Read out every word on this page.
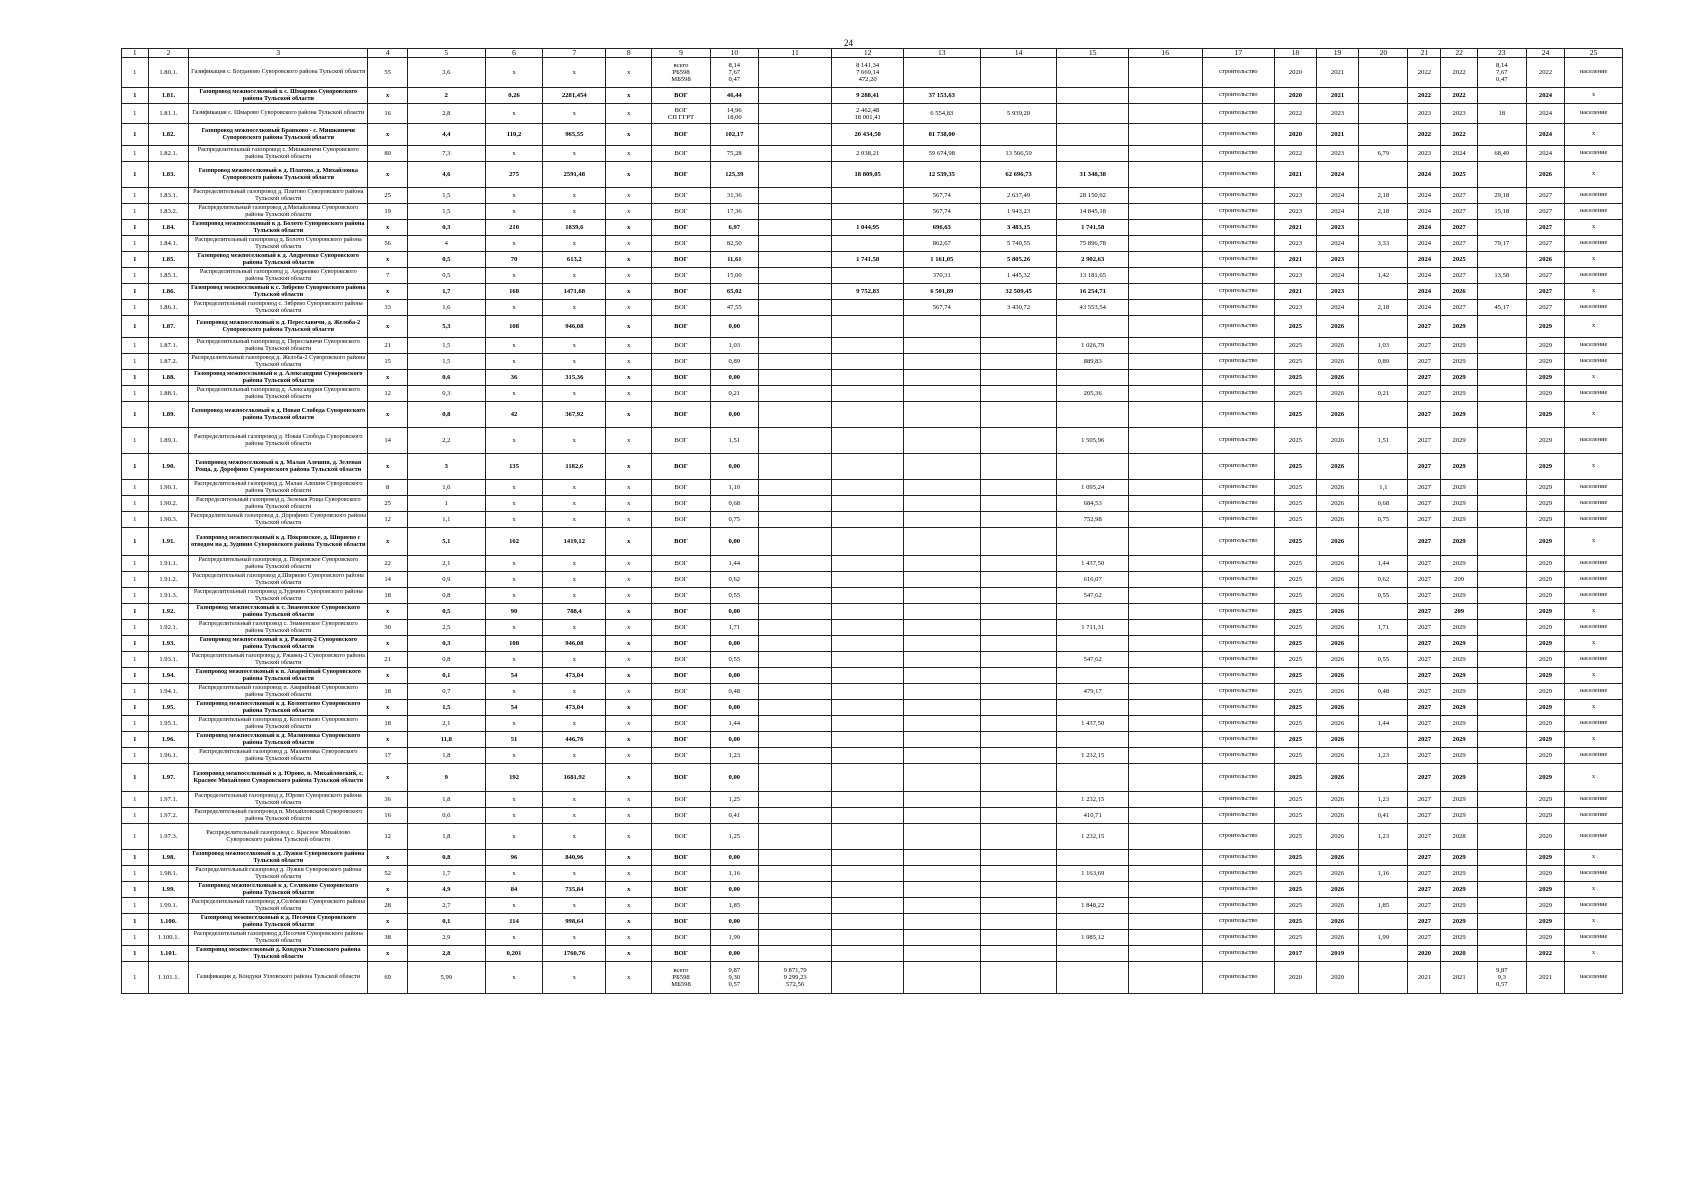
24
1	2	3	4	5	6	7	8	9	10	11	12	13	14	15	16	17	18	19	20	21	22	23	24	25
1	1.80.1.	Газификация с. Богданово Суворовского района Тульской области	55	3,6	х	х	х	всего
РБ598
МБ598	8,14
7,67
0,47		8 141,34
7 669,14
472,20					строительство	2020	2021		2022	2022	8,14
7,67
0,47	2022	население
1	1.81.	Газопровод межпоселковый к с. Шмарово Суворовского района Тульской области	х	2	0,26	2281,454	х	ВОГ	46,44		9 288,41	37 153,63				строительство	2020	2021		2022	2022		2024	х
1	1.81.1.	Газификация с. Шмарово Суворовского района Тульской области	16	2,8	х	х	х	ВОГ
СП ГГРТ	14,96
18,00		2 462,48
18 001,41	6 554,83	5 939,20			строительство	2022	2023		2023	2023	18	2024	население
1	1.82.	Газопровод межпоселковый Бравково - с. Мишкиничи Суворовского района Тульской области	х	4,4	110,2	965,55	х	ВОГ	102,17		20 434,50	81 738,00				строительство	2020	2021		2022	2022		2024	х
1	1.82.1.	Распределительный газопровод с. Мишкиничи Суворовского района Тульской области	80	7,3	х	х	х	ВОГ	75,28		2 038,21	59 674,98	13 566,59			строительство	2022	2023	6,79	2023	2024	68,49	2024	население
1	1.83.	Газопровод межпоселковый к д. Платово, д. Михайловка Суворовского района Тульской области	х	4,6	275	2591,48	х	ВОГ	125,39		18 809,05	12 539,35	62 696,73	31 348,38		строительство	2021	2024		2024	2025		2026	х
1	1.83.1.	Распределительный газопровод д. Платово Суворовского района Тульской области	25	1,5	х	х	х	ВОГ	31,36			567,74	2 637,49	28 150,92		строительство	2023	2024	2,18	2024	2027	29,18	2027	население
1	1.83.2.	Распределительный газопровод д.Михайловка Суворовского района Тульской области	19	1,5	х	х	х	ВОГ	17,36			567,74	1 943,23	14 845,18		строительство	2023	2024	2,18	2024	2027	15,18	2027	население
1	1.84.	Газопровод межпоселковый к д. Болото Суворовского района Тульской области	х	0,3	210	1839,6	х	ВОГ	6,97		1 044,95	696,63	3 483,15	1 741,58		строительство	2021	2023		2024	2027		2027	х
1	1.84.1.	Распределительный газопровод д. Болото Суворовского района Тульской области	56	4	х	х	х	ВОГ	82,50			862,67	5 740,55	75 896,78		строительство	2023	2024	3,33	2024	2027	79,17	2027	население
1	1.85.	Газопровод межпоселковый к д. Андреевко Суворовского района Тульской области	х	0,5	70	613,2	х	ВОГ	11,61		1 741,58	1 161,05	5 805,26	2 902,63		строительство	2021	2023		2024	2025		2026	х
1	1.85.1.	Распределительный газопровод д. Андреевко Суворовского района Тульской области	7	0,5	х	х	х	ВОГ	15,00			370,31	1 445,32	13 181,65		строительство	2023	2024	1,42	2024	2027	13,58	2027	население
1	1.86.	Газопровод межпоселковый к с. Зябрево Суворовского района Тульской области	х	1,7	168	1471,68	х	ВОГ	65,02		9 752,83	6 501,89	32 509,45	16 254,71		строительство	2021	2023		2024	2026		2027	х
1	1.86.1.	Распределительный газопровод с. Зябрево Суворовского района Тульской области	33	1,6	х	х	х	ВОГ	47,55			567,74	3 430,72	43 553,54		строительство	2023	2024	2,18	2024	2027	45,17	2027	население
1	1.87.	Газопровод межпоселковый к д. Переславичи, д. Желоба-2 Суворовского района Тульской области	х	5,3	108	946,08	х	ВОГ	0,00							строительство	2025	2026		2027	2029		2029	х
1	1.87.1.	Распределительный газопровод д. Переславичи Суворовского района Тульской области	21	1,5	х	х	х	ВОГ	1,03					1 026,79		строительство	2025	2026	1,03	2027	2029		2029	население
1	1.87.2.	Распределительный газопровод д. Желоба-2 Суворовского района Тульской области	15	1,5	х	х	х	ВОГ	0,89					889,83		строительство	2025	2026	0,89	2027	2029		2029	население
1	1.88.	Газопровод межпоселковый к д. Александрия Суворовского района Тульской области	х	0,6	36	315,36	х	ВОГ	0,00							строительство	2025	2026		2027	2029		2029	х
1	1.88.1.	Распределительный газопровод д. Александрия Суворовского района Тульской области	12	0,3	х	х	х	ВОГ	0,21					205,36		строительство	2025	2026	0,21	2027	2029		2029	население
1	1.89.	Газопровод межпоселковый к д. Новая Слобода Суворовского района Тульской области	х	0,8	42	367,92	х	ВОГ	0,00							строительство	2025	2026		2027	2029		2029	х
1	1.89.1.	Распределительный газопровод д. Новая Слобода Суворовского района Тульской области	14	2,2	х	х	х	ВОГ	1,51					1 505,96		строительство	2025	2026	1,51	2027	2029		2029	население
1	1.90.	Газопровод межпоселковый к д. Малая Алешня, д. Зеленая Роща, д. Дорофино Суворовского района Тульской области	х	3	135	1182,6	х	ВОГ	0,00							строительство	2025	2026		2027	2029		2029	х
1	1.90.1.	Распределительный газопровод д. Малая Алешня Суворовского района Тульской области	8	1,6	х	х	х	ВОГ	1,10					1 095,24		строительство	2025	2026	1,1	2027	2029		2029	население
1	1.90.2.	Распределительный газопровод д. Зеленая Роща Суворовского района Тульской области	25	1	х	х	х	ВОГ	0,68					684,53		строительство	2025	2026	0,68	2027	2029		2029	население
1	1.90.3.	Распределительный газопровод д. Дорофино Суворовского района Тульской области	12	1,1	х	х	х	ВОГ	0,75					752,98		строительство	2025	2026	0,75	2027	2029		2029	население
1	1.91.	Газопровод межпоселковый к д. Покровское, д. Ширяево с отводом на д. Зуднино Суворовского района Тульской области	х	5,1	162	1419,12	х	ВОГ	0,00							строительство	2025	2026		2027	2029		2029	х
1	1.91.1.	Распределительный газопровод д. Покровское Суворовского района Тульской области	22	2,1	х	х	х	ВОГ	1,44					1 437,50		строительство	2025	2026	1,44	2027	2029		2029	население
1	1.91.2.	Распределительный газопровод д.Ширяево Суворовского района Тульской области	14	0,9	х	х	х	ВОГ	0,62					616,07		строительство	2025	2026	0,62	2027	209		2029	население
1	1.91.3.	Распределительный газопровод д.Зуднино Суворовского района Тульской области	18	0,8	х	х	х	ВОГ	0,55					547,62		строительство	2025	2026	0,55	2027	2029		2029	население
1	1.92.	Газопровод межпоселковый к с. Знаменское Суворовского района Тульской области	х	0,5	90	788,4	х	ВОГ	0,00							строительство	2025	2026		2027	209		2029	х
1	1.92.1.	Распределительный газопровод с. Знаменское Суворовского района Тульской области	30	2,5	х	х	х	ВОГ	1,71					1 711,31		строительство	2025	2026	1,71	2027	2029		2029	население
1	1.93.	Газопровод межпоселковый к д. Ржавец-2 Суворовского района Тульской области	х	0,3	108	946,08	х	ВОГ	0,00							строительство	2025	2026		2027	2029		2029	х
1	1.93.1.	Распределительный газопровод д. Ржавец-2 Суворовского района Тульской области	21	0,8	х	х	х	ВОГ	0,55					547,62		строительство	2025	2026	0,55	2027	2029		2029	население
1	1.94.	Газопровод межпоселковый к п. Аварийный Суворовского района Тульской области	х	0,1	54	473,04	х	ВОГ	0,00							строительство	2025	2026		2027	2029		2029	х
1	1.94.1.	Распределительный газопровод п. Аварийный Суворовского района Тульской области	18	0,7	х	х	х	ВОГ	0,48					479,17		строительство	2025	2026	0,48	2027	2029		2029	население
1	1.95.	Газопровод межпоселковый к д. Колонтаево Суворовского района Тульской области	х	1,5	54	473,04	х	ВОГ	0,00							строительство	2025	2026		2027	2029		2029	х
1	1.95.1.	Распределительный газопровод д. Колонтаево Суворовского района Тульской области	18	2,1	х	х	х	ВОГ	1,44					1 437,50		строительство	2025	2026	1,44	2027	2029		2029	население
1	1.96.	Газопровод межпоселковый к д. Малиновка Суворовского района Тульской области	х	11,8	51	446,76	х	ВОГ	0,00							строительство	2025	2026		2027	2029		2029	х
1	1.96.1.	Распределительный газопровод д. Малиновка Суворовского района Тульской области	17	1,8	х	х	х	ВОГ	1,23					1 232,15		строительство	2025	2026	1,23	2027	2029		2029	население
1	1.97.	Газопровод межпоселковый к д. Юрово, п. Михайловский, с. Красное Михайлово Суворовского района Тульской области	х	9	192	1681,92	х	ВОГ	0,00							строительство	2025	2026		2027	2029		2029	х
1	1.97.1.	Распределительный газопровод д. Юрово Суворовского района Тульской области	36	1,8	х	х	х	ВОГ	1,25					1 232,15		строительство	2025	2026	1,23	2027	2029		2029	население
1	1.97.2.	Распределительный газопровод п. Михайловский Суворовского района Тульской области	16	0,6	х	х	х	ВОГ	0,41					410,71		строительство	2025	2026	0,41	2027	2029		2029	население
1	1.97.3.	Распределительный газопровод с. Красное Михайлово Суворовского района Тульской области	12	1,8	х	х	х	ВОГ	1,25					1 232,15		строительство	2025	2026	1,23	2027	2028		2029	население
1	1.98.	Газопровод межпоселковый к д. Лужки Суворовского района Тульской области	х	0,8	96	840,96	х	ВОГ	0,00							строительство	2025	2026		2027	2029		2029	х
1	1.98.1.	Распределительный газопровод д. Лужки Суворовского района Тульской области	52	1,7	х	х	х	ВОГ	1,16					1 163,69		строительство	2025	2026	1,16	2027	2029		2029	население
1	1.99.	Газопровод межпоселковый к д. Селюково Суворовского района Тульской области	х	4,9	84	735,84	х	ВОГ	0,00							строительство	2025	2026		2027	2029		2029	х
1	1.99.1.	Распределительный газопровод д.Селюково Суворовского района Тульской области	28	2,7	х	х	х	ВОГ	1,85					1 848,22		строительство	2025	2026	1,85	2027	2029		2029	население
1	1.100.	Газопровод межпоселковый к д. Песочня Суворовского района Тульской области	х	0,1	114	998,64	х	ВОГ	0,00							строительство	2025	2026		2027	2029		2029	х
1	1.100.1.	Распределительный газопровод д.Песочня Суворовского района Тульской области	38	2,9	х	х	х	ВОГ	1,99					1 985,12		строительство	2025	2026	1,99	2027	2029		2029	население
1	1.101.	Газопровод межпоселковый д. Кондуки Узловского района Тульской области	х	2,8	0,201	1760,76	х	ВОГ	0,00							строительство	2017	2019		2020	2020		2022	х
1	1.101.1.	Газификация д. Кондуки Узловского района Тульской области	69	5,99	х	х	х	всего
РБ598
МБ598	9,87
9,30
0,57	9 871,79
9 299,23
572,56						строительство	2020	2020		2021	2021	9,87
9,3
0,57	2021	население
